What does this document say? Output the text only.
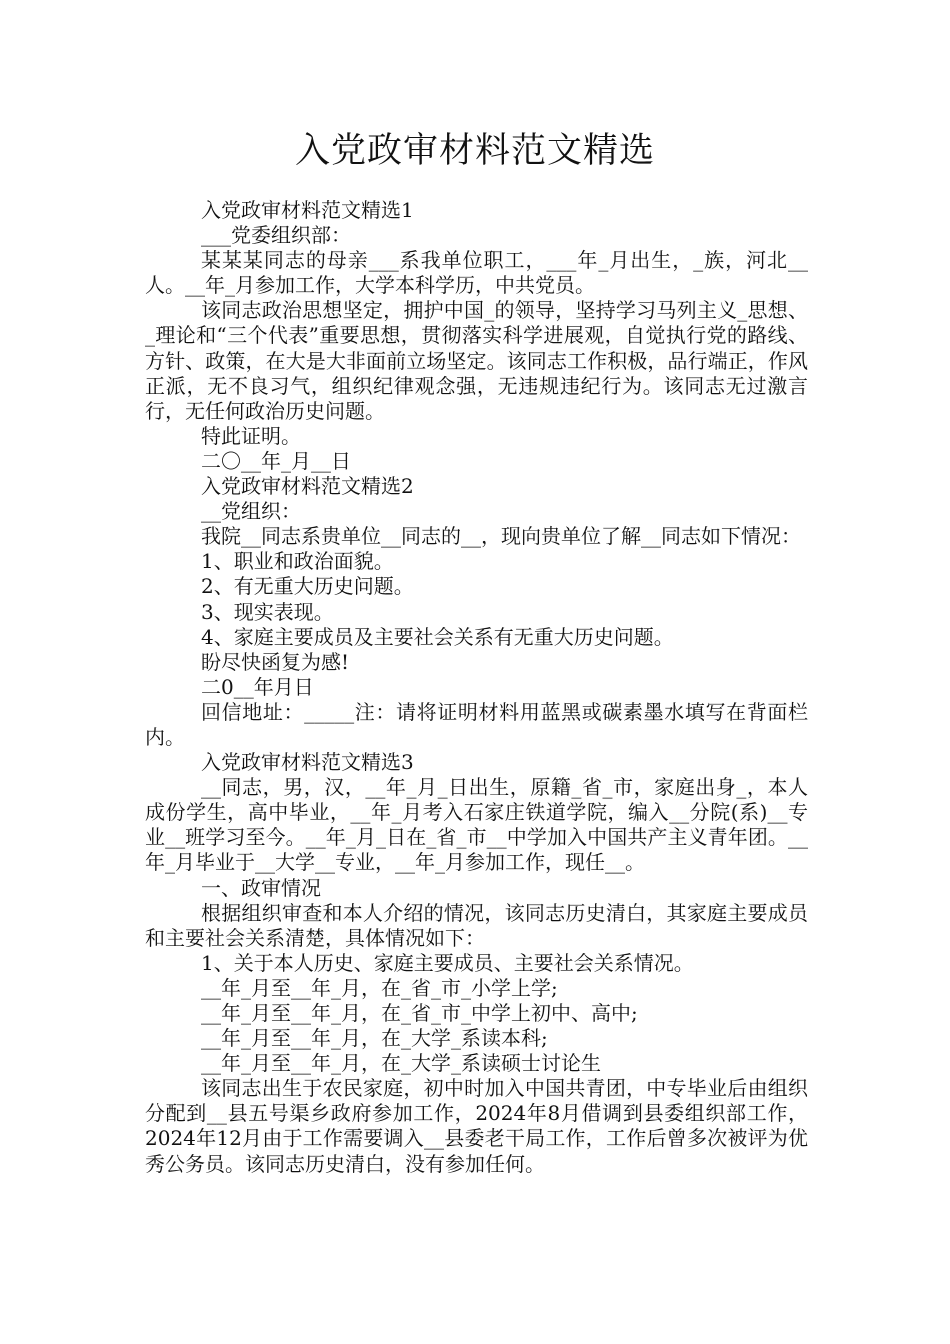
入党政审材料范文精选

入党政审材料范文精选1

___党委组织部：

某某某同志的母亲___系我单位职工，___年_月出生，_族，河北__人。__年_月参加工作，大学本科学历，中共党员。

该同志政治思想坚定，拥护中国_的领导，坚持学习马列主义_思想、_理论和“三个代表”重要思想，贯彻落实科学进展观，自觉执行党的路线、方针、政策，在大是大非面前立场坚定。该同志工作积极，品行端正，作风正派，无不良习气，组织纪律观念强，无违规违纪行为。该同志无过激言行，无任何政治历史问题。

特此证明。

二〇__年_月__日

入党政审材料范文精选2

__党组织：

我院__同志系贵单位__同志的__，现向贵单位了解__同志如下情况：

1、职业和政治面貌。

2、有无重大历史问题。

3、现实表现。

4、家庭主要成员及主要社会关系有无重大历史问题。

盼尽快函复为感!

二0__年月日

回信地址：_____注：请将证明材料用蓝黑或碳素墨水填写在背面栏内。

入党政审材料范文精选3

__同志，男，汉，__年_月_日出生，原籍_省_市，家庭出身_，本人成份学生，高中毕业，__年_月考入石家庄铁道学院，编入__分院(系)__专业__班学习至今。__年_月_日在_省_市__中学加入中国共产主义青年团。__年_月毕业于__大学__专业，__年_月参加工作，现任__。

一、政审情况

根据组织审查和本人介绍的情况，该同志历史清白，其家庭主要成员和主要社会关系清楚，具体情况如下：

1、关于本人历史、家庭主要成员、主要社会关系情况。

__年_月至__年_月，在_省_市_小学上学;

__年_月至__年_月，在_省_市_中学上初中、高中;

__年_月至__年_月，在_大学_系读本科;

__年_月至__年_月，在_大学_系读硕士讨论生

该同志出生于农民家庭，初中时加入中国共青团，中专毕业后由组织分配到__县五号渠乡政府参加工作，2024年8月借调到县委组织部工作，2024年12月由于工作需要调入__县委老干局工作，工作后曾多次被评为优秀公务员。该同志历史清白，没有参加任何。
